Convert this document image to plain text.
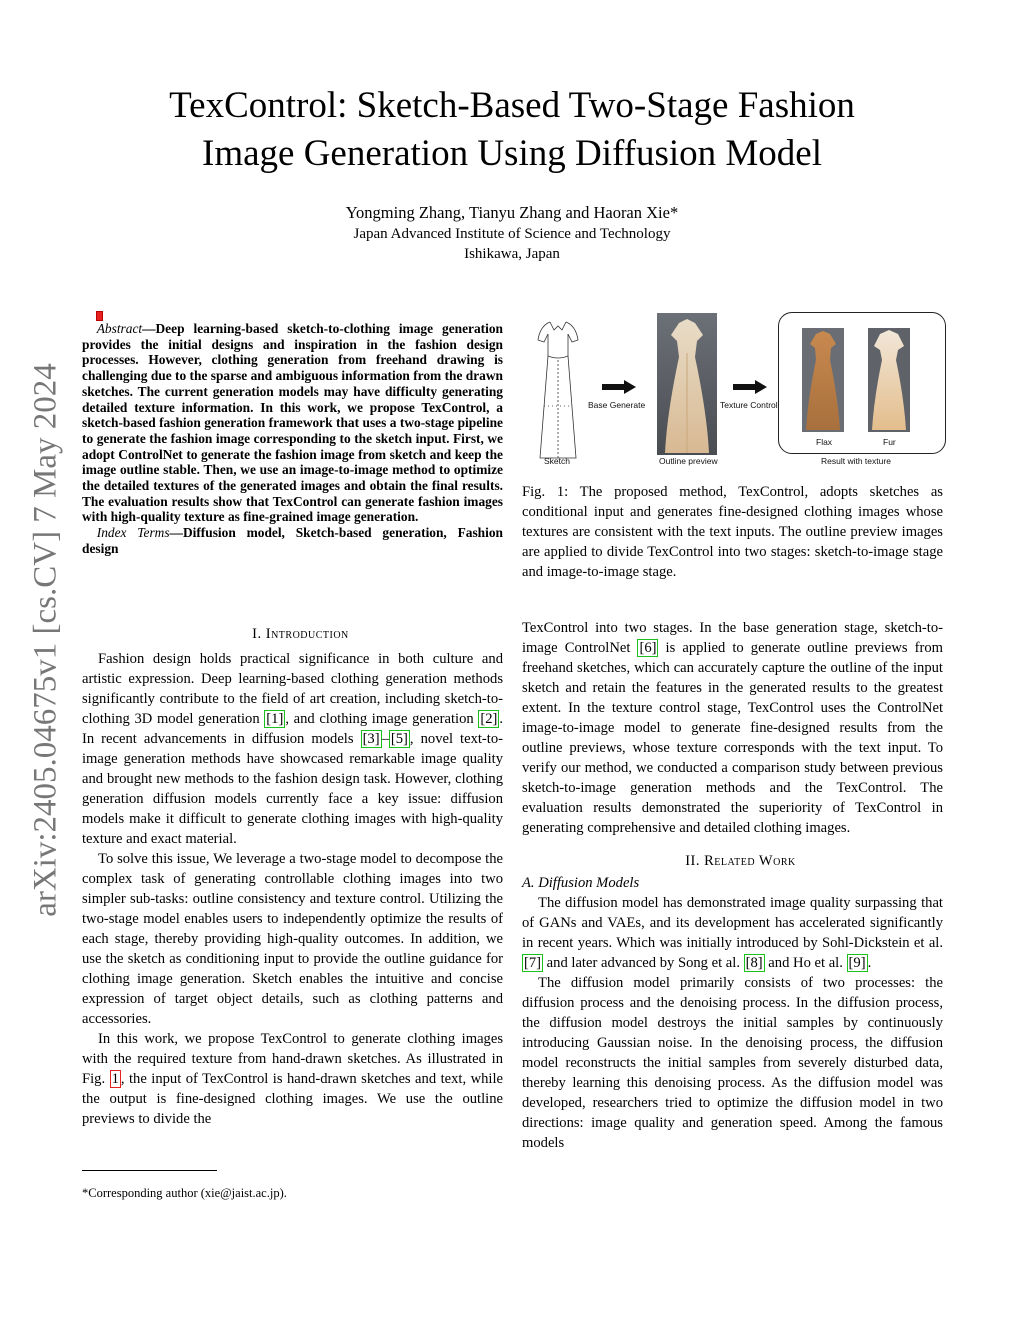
TexControl: Sketch-Based Two-Stage Fashion
Image Generation Using Diffusion Model
Yongming Zhang, Tianyu Zhang and Haoran Xie*
Japan Advanced Institute of Science and Technology
Ishikawa, Japan
arXiv:2405.04675v1 [cs.CV] 7 May 2024
Abstract—Deep learning-based sketch-to-clothing image generation provides the initial designs and inspiration in the fashion design processes. However, clothing generation from freehand drawing is challenging due to the sparse and ambiguous information from the drawn sketches. The current generation models may have difficulty generating detailed texture information. In this work, we propose TexControl, a sketch-based fashion generation framework that uses a two-stage pipeline to generate the fashion image corresponding to the sketch input. First, we adopt ControlNet to generate the fashion image from sketch and keep the image outline stable. Then, we use an image-to-image method to optimize the detailed textures of the generated images and obtain the final results. The evaluation results show that TexControl can generate fashion images with high-quality texture as fine-grained image generation.
Index Terms—Diffusion model, Sketch-based generation, Fashion design

I. Introduction

Fashion design holds practical significance in both culture and artistic expression. Deep learning-based clothing generation methods significantly contribute to the field of art creation, including sketch-to-clothing 3D model generation [1] , and clothing image generation [2] . In recent advancements in diffusion models [3] – [5] , novel text-to-image generation methods have showcased remarkable image quality and brought new methods to the fashion design task. However, clothing generation diffusion models currently face a key issue: diffusion models make it difficult to generate clothing images with high-quality texture and exact material.

To solve this issue, We leverage a two-stage model to decompose the complex task of generating controllable clothing images into two simpler sub-tasks: outline consistency and texture control. Utilizing the two-stage model enables users to independently optimize the results of each stage, thereby providing high-quality outcomes. In addition, we use the sketch as conditioning input to provide the outline guidance for clothing image generation. Sketch enables the intuitive and concise expression of target object details, such as clothing patterns and accessories.

In this work, we propose TexControl to generate clothing images with the required texture from hand-drawn sketches. As illustrated in Fig. 1 , the input of TexControl is hand-drawn sketches and text, while the output is fine-designed clothing images. We use the outline previews to divide the

*Corresponding author (xie@jaist.ac.jp).
Sketch
Base Generate
Outline preview
Texture Control
Flax	Fur
Result with texture
Fig. 1: The proposed method, TexControl, adopts sketches as conditional input and generates fine-designed clothing images whose textures are consistent with the text inputs. The outline preview images are applied to divide TexControl into two stages: sketch-to-image stage and image-to-image stage.

TexControl into two stages. In the base generation stage, sketch-to-image ControlNet [6] is applied to generate outline previews from freehand sketches, which can accurately capture the outline of the input sketch and retain the features in the generated results to the greatest extent. In the texture control stage, TexControl uses the ControlNet image-to-image model to generate fine-designed results from the outline previews, whose texture corresponds with the text input. To verify our method, we conducted a comparison study between previous sketch-to-image generation methods and the TexControl. The evaluation results demonstrated the superiority of TexControl in generating comprehensive and detailed clothing images.

II. Related Work

A. Diffusion Models

The diffusion model has demonstrated image quality surpassing that of GANs and VAEs, and its development has accelerated significantly in recent years. Which was initially introduced by Sohl-Dickstein et al. [7] and later advanced by Song et al. [8] and Ho et al. [9] .

The diffusion model primarily consists of two processes: the diffusion process and the denoising process. In the diffusion process, the diffusion model destroys the initial samples by continuously introducing Gaussian noise. In the denoising process, the diffusion model reconstructs the initial samples from severely disturbed data, thereby learning this denoising process. As the diffusion model was developed, researchers tried to optimize the diffusion model in two directions: image quality and generation speed. Among the famous models
